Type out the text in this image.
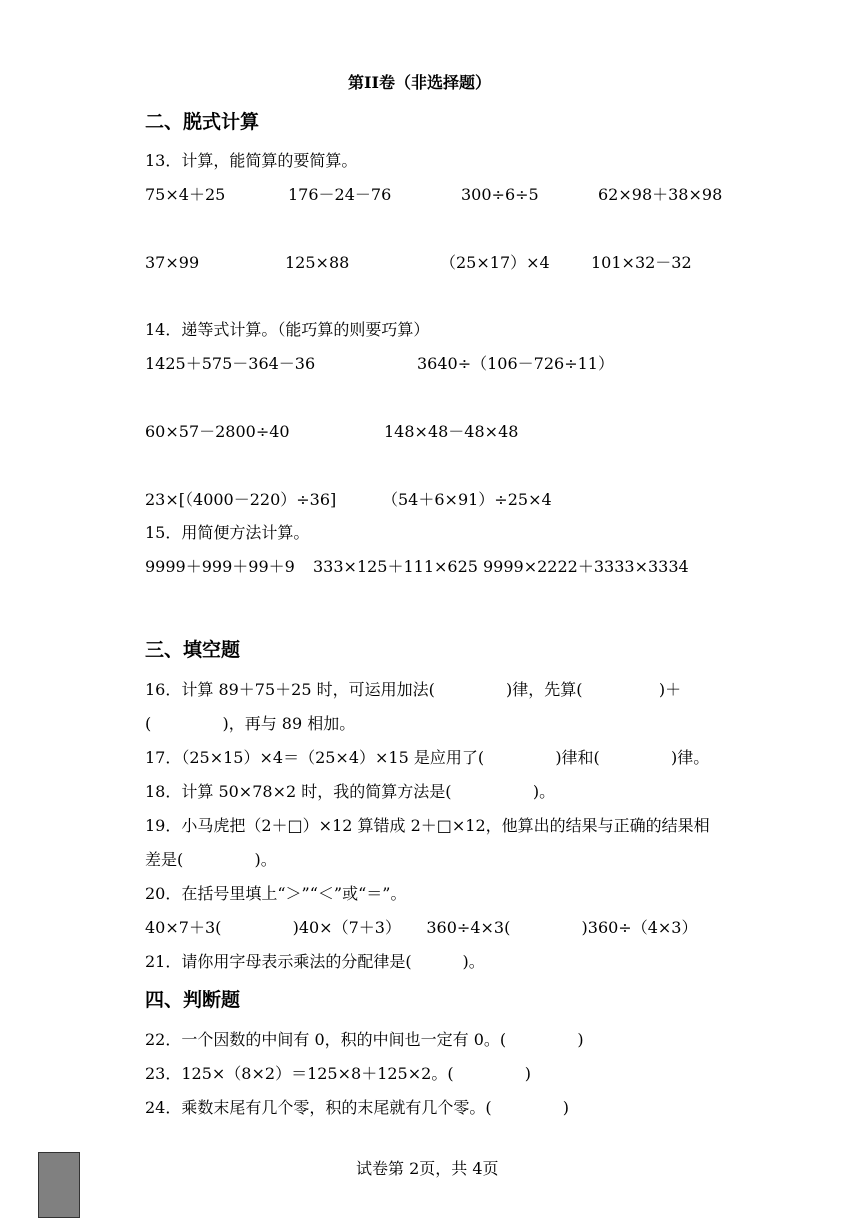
第II卷（非选择题）
二、脱式计算
13．计算，能简算的要简算。
75×4＋25	176－24－76	300÷6÷5	62×98＋38×98
37×99	125×88	（25×17）×4	101×32－32
14．递等式计算。（能巧算的则要巧算）
1425＋575－364－36	3640÷（106－726÷11）
60×57－2800÷40	148×48－48×48
23×[（4000－220）÷36]	（54＋6×91）÷25×4
15．用简便方法计算。
9999＋999＋99＋9 333×125＋111×625 9999×2222＋3333×3334
三、填空题
16．计算 89＋75＋25 时，可运用加法(              )律，先算(               )＋
(              )，再与 89 相加。
17．（25×15）×4＝（25×4）×15 是应用了(              )律和(              )律。
18．计算 50×78×2 时，我的简算方法是(                )。
19．小马虎把（2＋□）×12 算错成 2＋□×12，他算出的结果与正确的结果相
差是(              )。
20．在括号里填上“＞”“＜”或“＝”。
40×7＋3(              )40×（7＋3）     360÷4×3(              )360÷（4×3）
21．请你用字母表示乘法的分配律是(          )。
四、判断题
22．一个因数的中间有 0，积的中间也一定有 0。(              )
23．125×（8×2）＝125×8＋125×2。(              )
24．乘数末尾有几个零，积的末尾就有几个零。(              )
试卷第 2页，共 4页
